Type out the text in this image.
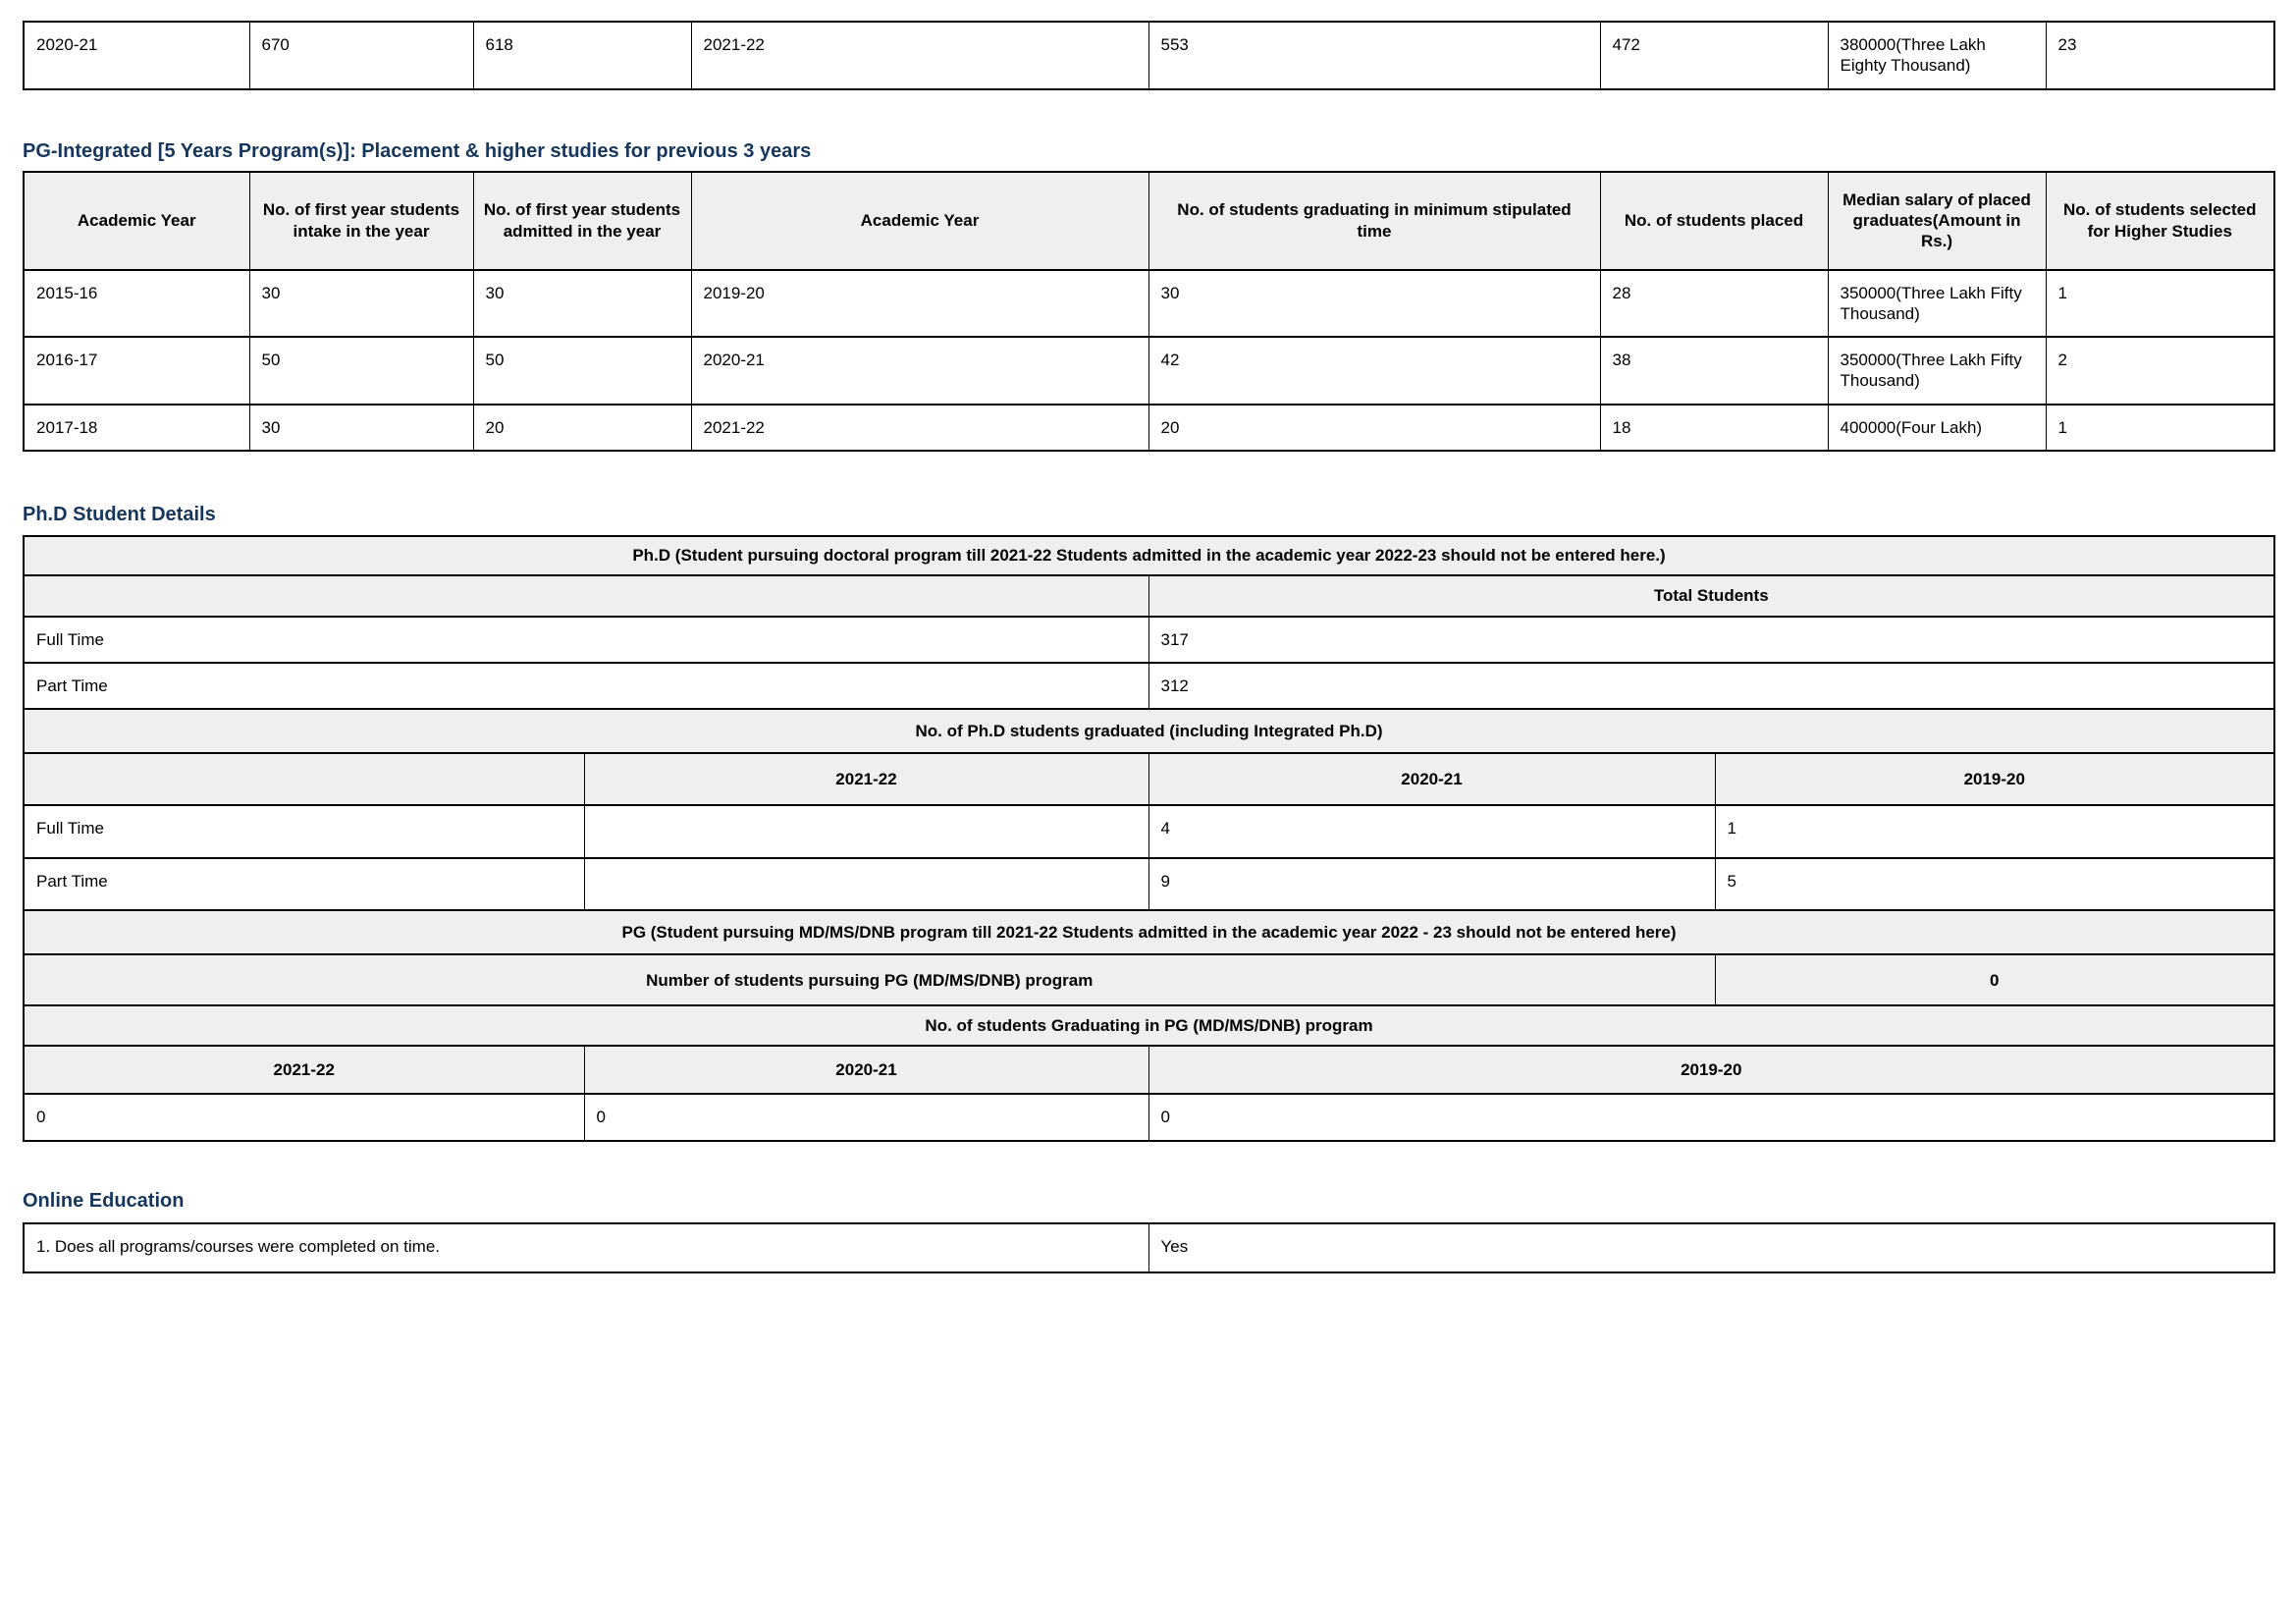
2020-21	670	618	2021-22	553	472	380000(Three Lakh Eighty Thousand)	23
PG-Integrated [5 Years Program(s)]: Placement & higher studies for previous 3 years
Academic Year	No. of first year students intake in the year	No. of first year students admitted in the year	Academic Year	No. of students graduating in minimum stipulated time	No. of students placed	Median salary of placed graduates(Amount in Rs.)	No. of students selected for Higher Studies
2015-16	30	30	2019-20	30	28	350000(Three Lakh Fifty Thousand)	1
2016-17	50	50	2020-21	42	38	350000(Three Lakh Fifty Thousand)	2
2017-18	30	20	2021-22	20	18	400000(Four Lakh)	1
Ph.D Student Details
Ph.D (Student pursuing doctoral program till 2021-22 Students admitted in the academic year 2022-23 should not be entered here.)			
		Total Students	
Full Time		317	
Part Time		312	
No. of Ph.D students graduated (including Integrated Ph.D)			
	2021-22	2020-21	2019-20
Full Time		4	1
Part Time		9	5
PG (Student pursuing MD/MS/DNB program till 2021-22 Students admitted in the academic year 2022 - 23 should not be entered here)			
Number of students pursuing PG (MD/MS/DNB) program			0
No. of students Graduating in PG (MD/MS/DNB) program			
2021-22	2020-21	2019-20	
0	0	0	
Online Education
1. Does all programs/courses were completed on time.	Yes
